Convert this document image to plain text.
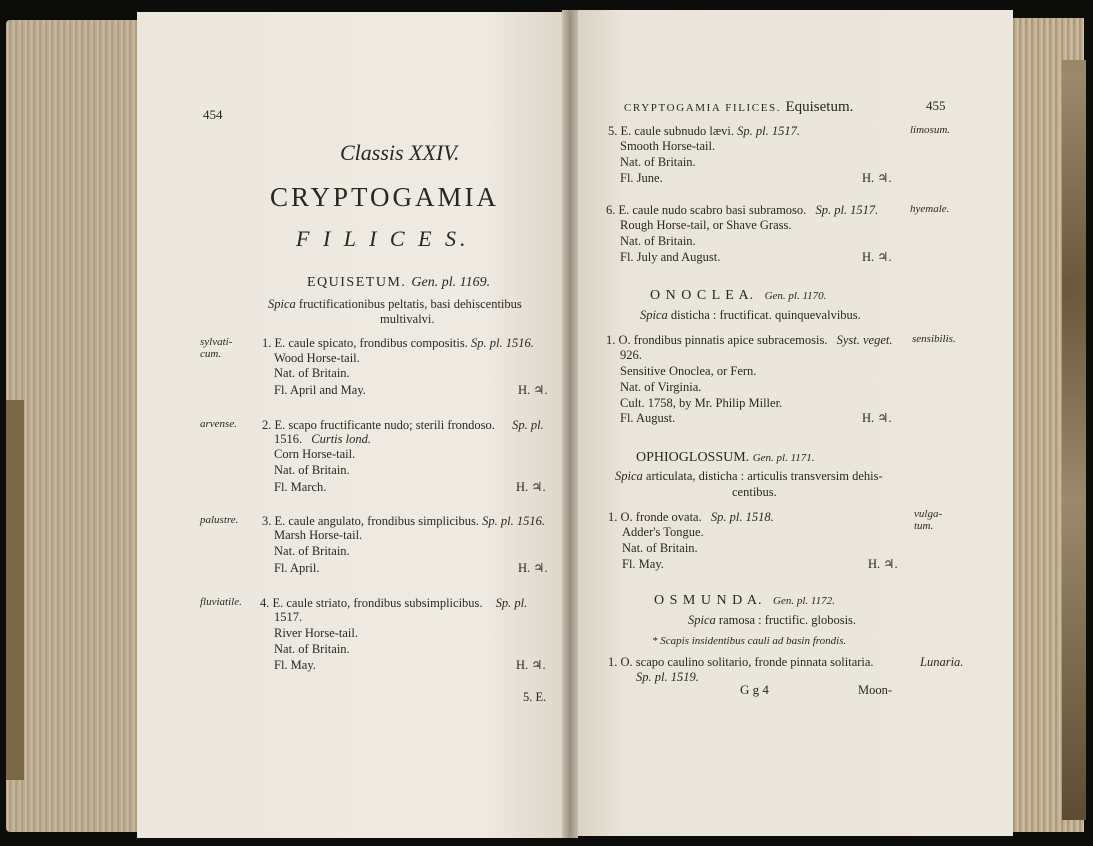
454
Classis XXIV.
CRYPTOGAMIA
F I L I C E S.
EQUISETUM. Gen. pl. 1169.
Spica fructificationibus peltatis, basi dehiscentibus
multivalvi.
sylvati-
cum.
1. E. caule spicato, frondibus compositis. Sp. pl. 1516.
Wood Horse-tail.
Nat. of Britain.
Fl. April and May.	H. ♃.
arvense.	2. E. scapo fructificante nudo; sterili frondoso. Sp. pl.
1516. Curtis lond.
Corn Horse-tail.
Nat. of Britain.
Fl. March.	H. ♃.
palustre.	3. E. caule angulato, frondibus simplicibus. Sp. pl. 1516.
Marsh Horse-tail.
Nat. of Britain.
Fl. April.	H. ♃.
fluviatile.	4. E. caule striato, frondibus subsimplicibus. Sp. pl.
1517.
River Horse-tail.
Nat. of Britain.
Fl. May.	H. ♃.
5. E.
CRYPTOGAMIA FILICES. Equisetum.	455
5. E. caule subnudo lævi. Sp. pl. 1517.	limosum.
Smooth Horse-tail.
Nat. of Britain.
Fl. June.	H. ♃.
6. E. caule nudo scabro basi subramoso. Sp. pl. 1517.	hyemale.
Rough Horse-tail, or Shave Grass.
Nat. of Britain.
Fl. July and August.	H. ♃.
O N O C L E A. Gen. pl. 1170.
Spica disticha : fructificat. quinquevalvibus.
1. O. frondibus pinnatis apice subracemosis. Syst. veget. sensibilis.
926.
Sensitive Onoclea, or Fern.
Nat. of Virginia.
Cult. 1758, by Mr. Philip Miller.
Fl. August.	H. ♃.
OPHIOGLOSSUM. Gen. pl. 1171.
Spica articulata, disticha : articulis transversim dehis-
centibus.
1. O. fronde ovata. Sp. pl. 1518.	vulga-
tum.
Adder's Tongue.
Nat. of Britain.
Fl. May.	H. ♃.
O S M U N D A. Gen. pl. 1172.
Spica ramosa : fructific. globosis.
* Scapis insidentibus cauli ad basin frondis.
1. O. scapo caulino solitario, fronde pinnata solitaria.	Lunaria.
Sp. pl. 1519.
G g 4	Moon-
